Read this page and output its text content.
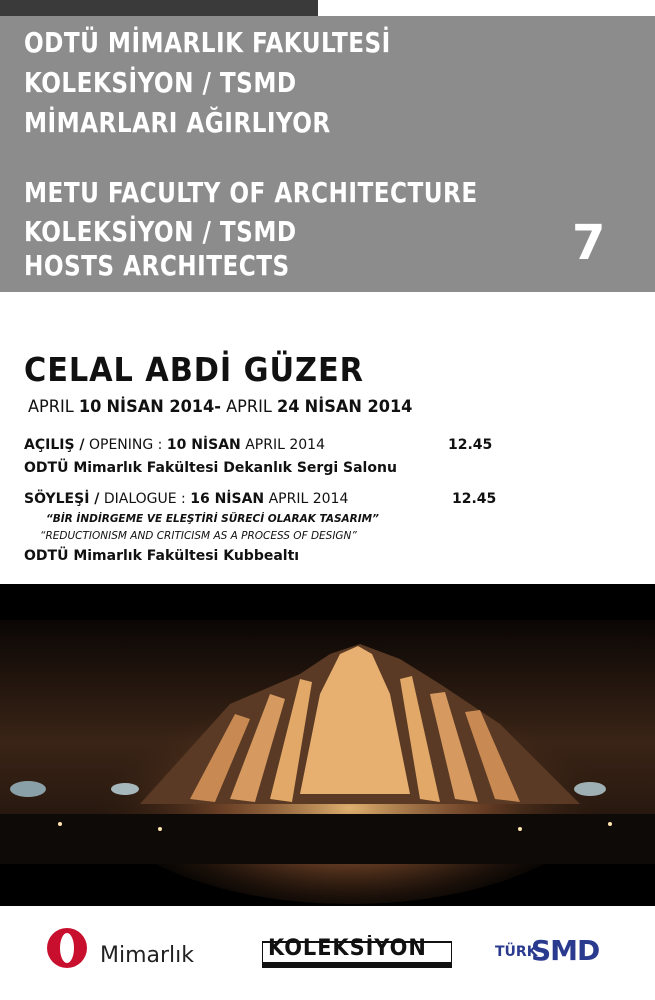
ODTÜ MİMARLIK FAKULTESİ
KOLEKSİYON / TSMD
MİMARLARI AĞIRLIYOR
METU FACULTY OF ARCHITECTURE
KOLEKSİYON / TSMD
HOSTS ARCHITECTS	7
CELAL ABDİ GÜZER
APRIL 10 NİSAN 2014- APRIL 24 NİSAN 2014
AÇILIŞ / OPENING : 10 NİSAN APRIL 2014	12.45
ODTÜ Mimarlık Fakültesi Dekanlık Sergi Salonu
SÖYLEŞİ / DIALOGUE : 16 NİSAN APRIL 2014	12.45
“BİR İNDİRGEME VE ELEŞTİRİ SÜRECİ OLARAK TASARIM”
“REDUCTIONISM AND CRITICISM AS A PROCESS OF DESIGN”
ODTÜ Mimarlık Fakültesi Kubbealtı
Mimarlık	KOLEKSİYON	TÜRK
SMD
